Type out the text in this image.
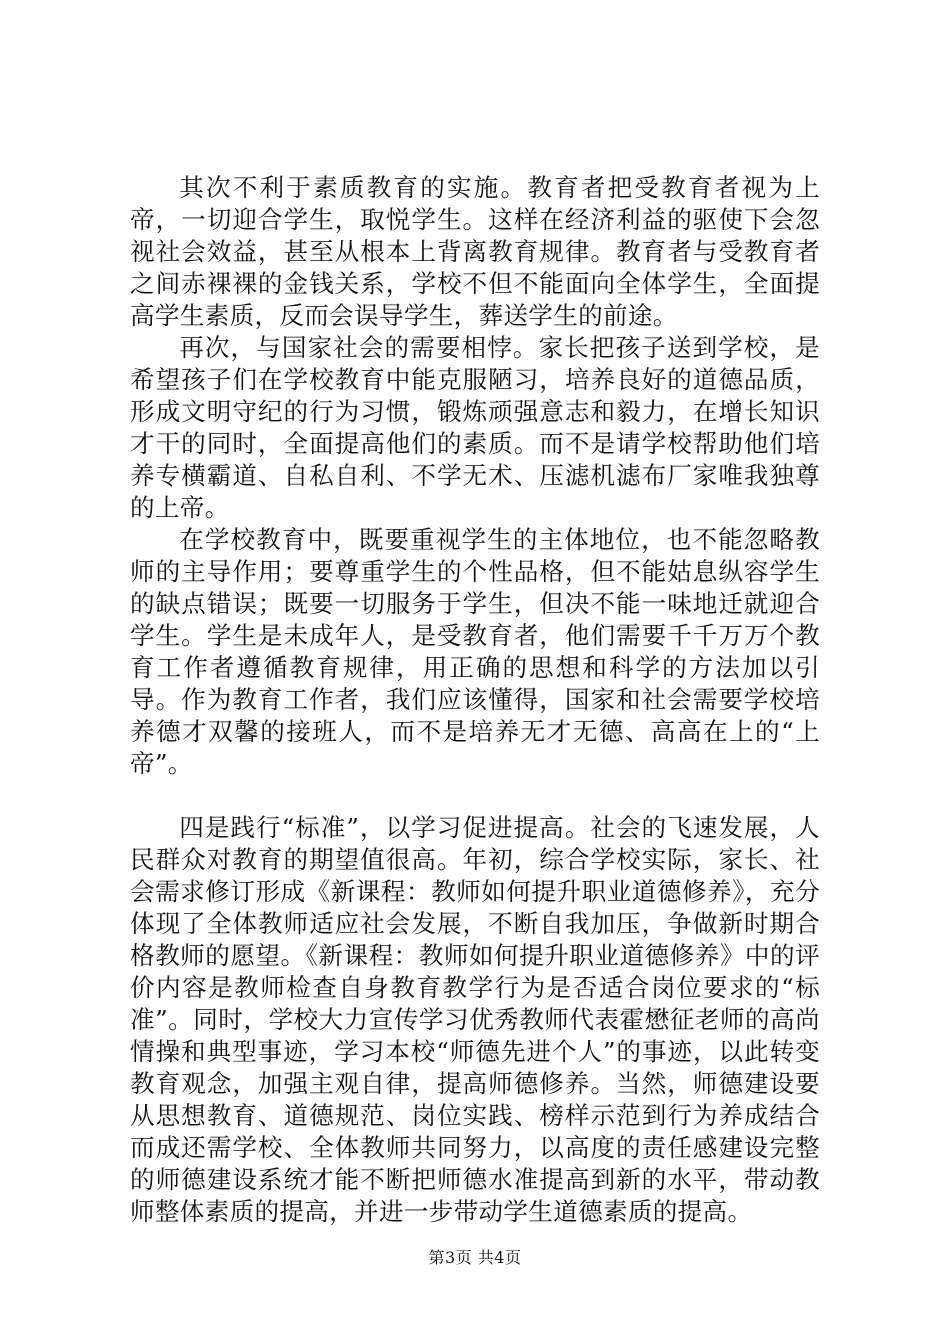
其次不利于素质教育的实施。教育者把受教育者视为上帝，一切迎合学生，取悦学生。这样在经济利益的驱使下会忽视社会效益，甚至从根本上背离教育规律。教育者与受教育者之间赤裸裸的金钱关系，学校不但不能面向全体学生，全面提高学生素质，反而会误导学生，葬送学生的前途。

再次，与国家社会的需要相悖。家长把孩子送到学校，是希望孩子们在学校教育中能克服陋习，培养良好的道德品质，形成文明守纪的行为习惯，锻炼顽强意志和毅力，在增长知识才干的同时，全面提高他们的素质。而不是请学校帮助他们培养专横霸道、自私自利、不学无术、压滤机滤布厂家唯我独尊的上帝。

在学校教育中，既要重视学生的主体地位，也不能忽略教师的主导作用；要尊重学生的个性品格，但不能姑息纵容学生的缺点错误；既要一切服务于学生，但决不能一味地迁就迎合学生。学生是未成年人，是受教育者，他们需要千千万万个教育工作者遵循教育规律，用正确的思想和科学的方法加以引导。作为教育工作者，我们应该懂得，国家和社会需要学校培养德才双馨的接班人，而不是培养无才无德、高高在上的“上帝”。

四是践行“标准”，以学习促进提高。社会的飞速发展，人民群众对教育的期望值很高。年初，综合学校实际，家长、社会需求修订形成《新课程：教师如何提升职业道德修养》，充分体现了全体教师适应社会发展，不断自我加压，争做新时期合格教师的愿望。《新课程：教师如何提升职业道德修养》中的评价内容是教师检查自身教育教学行为是否适合岗位要求的“标准”。同时，学校大力宣传学习优秀教师代表霍懋征老师的高尚情操和典型事迹，学习本校“师德先进个人”的事迹，以此转变教育观念，加强主观自律，提高师德修养。当然，师德建设要从思想教育、道德规范、岗位实践、榜样示范到行为养成结合而成还需学校、全体教师共同努力，以高度的责任感建设完整的师德建设系统才能不断把师德水准提高到新的水平，带动教师整体素质的提高，并进一步带动学生道德素质的提高。

第3页 共4页
